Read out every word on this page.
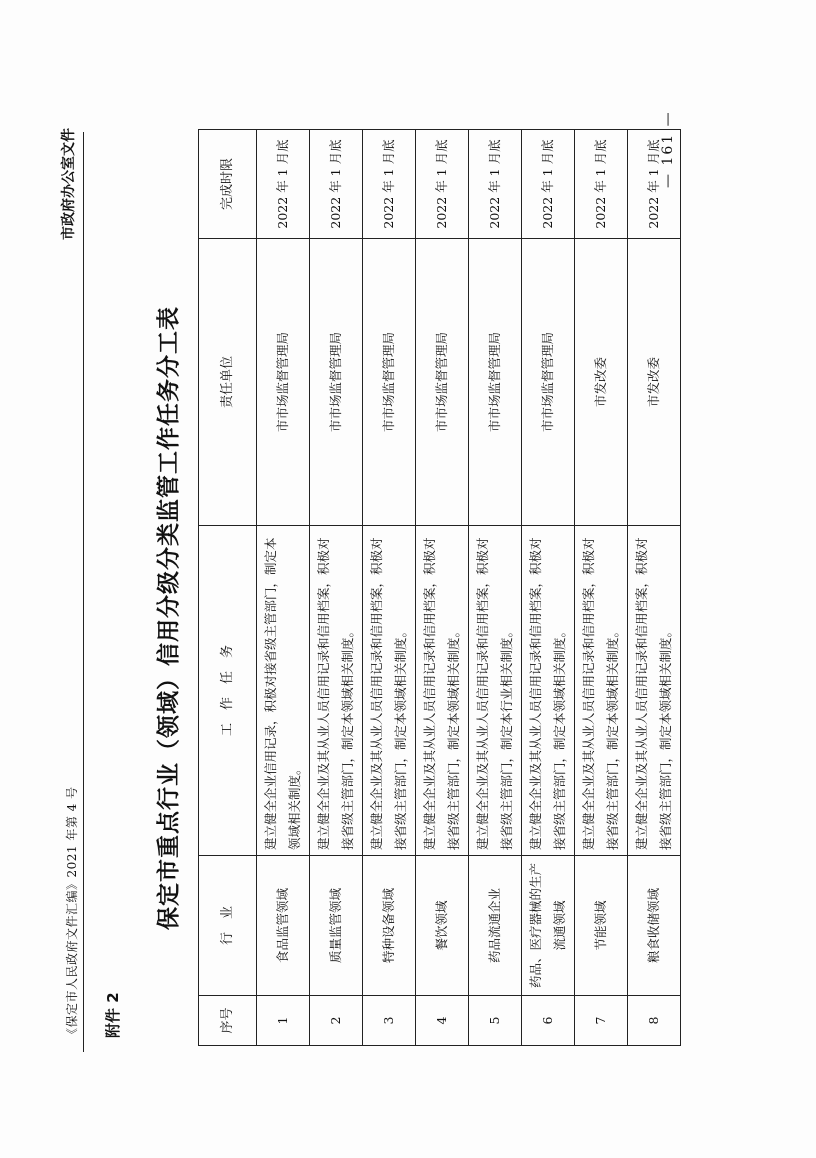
《保定市人民政府文件汇编》2021 年第 4 号
市政府办公室文件
附件 2
保定市重点行业（领域）信用分级分类监管工作任务分工表
序号	行　业	工　作　任　务	责任单位	完成时限
1	食品监管领域	建立健全企业信用记录，积极对接省级主管部门，制定本领域相关制度。	市市场监督管理局	2022 年 1 月底
2	质量监管领域	建立健全企业及其从业人员信用记录和信用档案，积极对接省级主管部门，制定本领域相关制度。	市市场监督管理局	2022 年 1 月底
3	特种设备领域	建立健全企业及其从业人员信用记录和信用档案，积极对接省级主管部门，制定本领域相关制度。	市市场监督管理局	2022 年 1 月底
4	餐饮领域	建立健全企业及其从业人员信用记录和信用档案，积极对接省级主管部门，制定本领域相关制度。	市市场监督管理局	2022 年 1 月底
5	药品流通企业	建立健全企业及其从业人员信用记录和信用档案，积极对接省级主管部门，制定本行业相关制度。	市市场监督管理局	2022 年 1 月底
6	药品、医疗器械的生产流通领域	建立健全企业及其从业人员信用记录和信用档案，积极对接省级主管部门，制定本领域相关制度。	市市场监督管理局	2022 年 1 月底
7	节能领域	建立健全企业及其从业人员信用记录和信用档案，积极对接省级主管部门，制定本领域相关制度。	市发改委	2022 年 1 月底
8	粮食收储领域	建立健全企业及其从业人员信用记录和信用档案，积极对接省级主管部门，制定本领域相关制度。	市发改委	2022 年 1 月底 — 161 —
